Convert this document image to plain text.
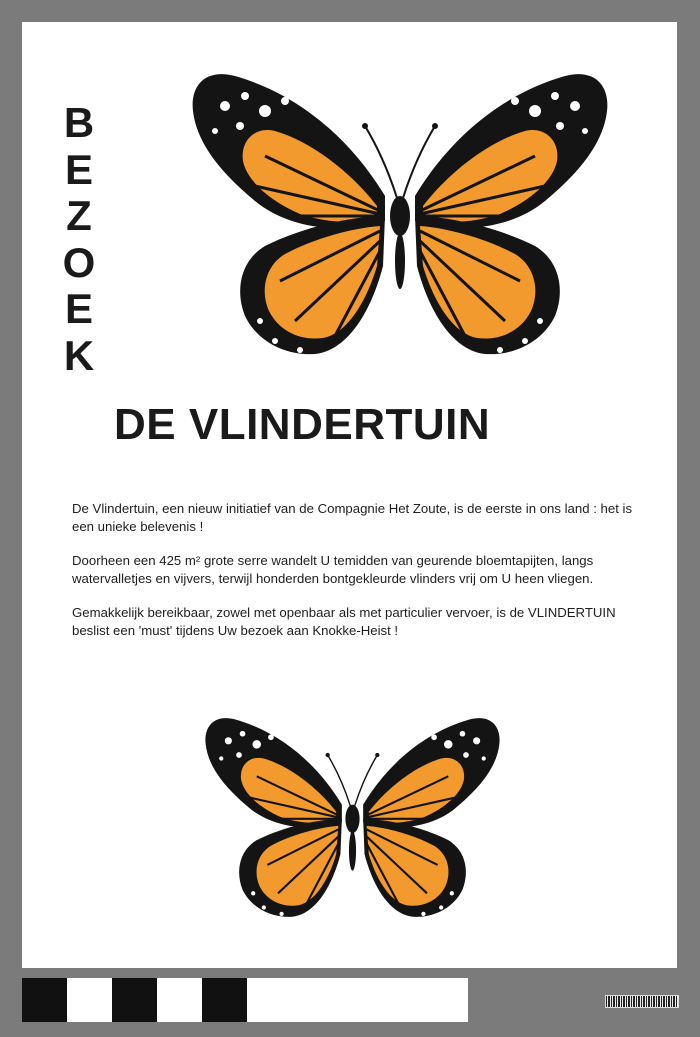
B
E
Z
O
E
K
DE VLINDERTUIN

De Vlindertuin, een nieuw initiatief van de Compagnie Het Zoute, is de eerste in ons land : het is een unieke belevenis !

Doorheen een 425 m² grote serre wandelt U temidden van geurende bloemtapijten, langs watervalletjes en vijvers, terwijl honderden bontgekleurde vlinders vrij om U heen vliegen.

Gemakkelijk bereikbaar, zowel met openbaar als met particulier vervoer, is de VLINDERTUIN beslist een 'must' tijdens Uw bezoek aan Knokke-Heist !
